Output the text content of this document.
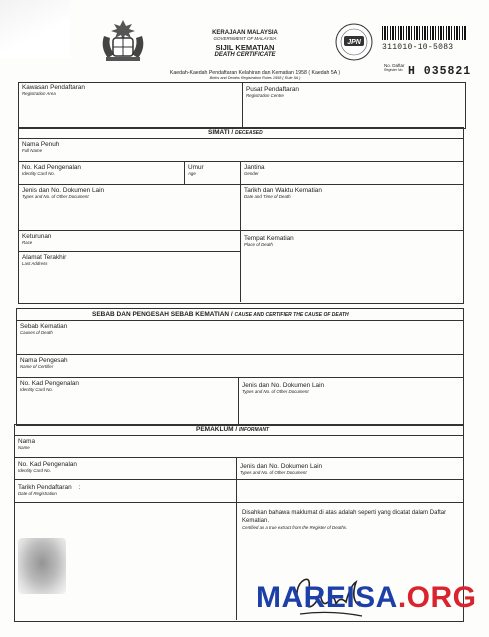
KERAJAAN MALAYSIA
GOVERNMENT OF MALAYSIA
SIJIL KEMATIAN
DEATH CERTIFICATE
Kaedah-Kaedah Pendaftaran Kelahiran dan Kematian 1958 ( Kaedah 5A )
Births and Deaths Registration Rules 1958 ( Rule 5A )
JPN
311010-10-5083
No. Daftar
Register No. H 035821
Kawasan Pendaftaran
Registration Area
Pusat Pendaftaran
Registration Centre
SIMATI / DECEASED
Nama Penuh
Full Name
No. Kad Pengenalan
Identity Card No.
Umur
Age
Jantina
Gender
Jenis dan No. Dokumen Lain
Types and No. of Other Document
Tarikh dan Waktu Kematian
Date and Time of Death
Keturunan
Race
Tempat Kematian
Place of Death
Alamat Terakhir
Last Address
SEBAB DAN PENGESAH SEBAB KEMATIAN / CAUSE AND CERTIFIER THE CAUSE OF DEATH
Sebab Kematian
Causes of Death
Nama Pengesah
Name of Certifier
No. Kad Pengenalan
Identity Card No.
Jenis dan No. Dokumen Lain
Types and No. of Other Document
PEMAKLUM / INFORMANT
Nama
Name
No. Kad Pengenalan
Identity Card No.
Jenis dan No. Dokumen Lain
Types and No. of Other Document
Tarikh Pendaftaran :
Date of Registration
Disahkan bahawa maklumat di atas adalah seperti yang dicatat dalam Daftar Kematian.
Certified as a true extract from the Register of Deaths.
MAREISA.ORG
